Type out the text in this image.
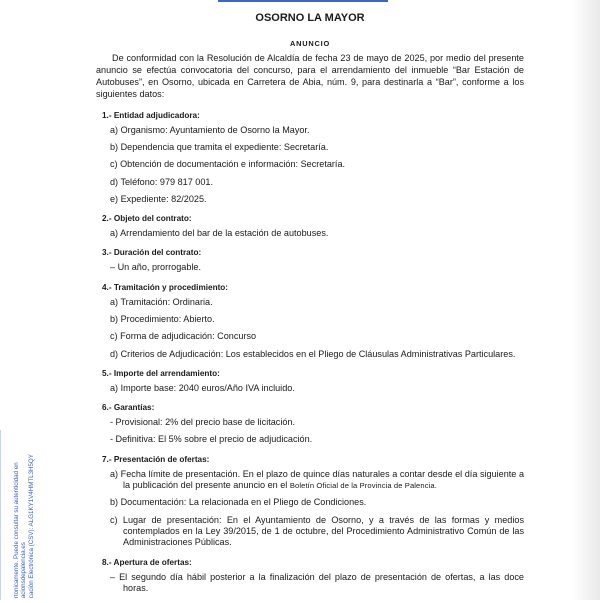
rtonicamente. Puede consultar su autenticidad en acionsdepalencia.es cación Electrónica (CSV): ALG1KY1V4HMTL3H5QY
OSORNO LA MAYOR
ANUNCIO

De conformidad con la Resolución de Alcaldía de fecha 23 de mayo de 2025, por medio del presente anuncio se efectúa convocatoria del concurso, para el arrendamiento del inmueble “Bar Estación de Autobuses”, en Osorno, ubicada en Carretera de Abia, núm. 9, para destinarla a “Bar”, conforme a los siguientes datos:

1.- Entidad adjudicadora:
a) Organismo: Ayuntamiento de Osorno la Mayor.
b) Dependencia que tramita el expediente: Secretaría.
c) Obtención de documentación e información: Secretaría.
d) Teléfono: 979 817 001.
e) Expediente: 82/2025.
2.- Objeto del contrato:
a) Arrendamiento del bar de la estación de autobuses.
3.- Duración del contrato:
– Un año, prorrogable.
4.- Tramitación y procedimiento:
a) Tramitación: Ordinaria.
b) Procedimiento: Abierto.
c) Forma de adjudicación: Concurso
d) Criterios de Adjudicación: Los establecidos en el Pliego de Cláusulas Administrativas Particulares.
5.- Importe del arrendamiento:
a) Importe base: 2040 euros/Año IVA incluido.
6.- Garantías:
- Provisional: 2% del precio base de licitación.
- Definitiva: El 5% sobre el precio de adjudicación.
7.- Presentación de ofertas:
a) Fecha límite de presentación. En el plazo de quince días naturales a contar desde el día siguiente a la publicación del presente anuncio en el Boletín Oficial de la Provincia de Palencia.
b) Documentación: La relacionada en el Pliego de Condiciones.
c) Lugar de presentación: En el Ayuntamiento de Osorno, y a través de las formas y medios contemplados en la Ley 39/2015, de 1 de octubre, del Procedimiento Administrativo Común de las Administraciones Públicas.
8.- Apertura de ofertas:
– El segundo día hábil posterior a la finalización del plazo de presentación de ofertas, a las doce horas.
